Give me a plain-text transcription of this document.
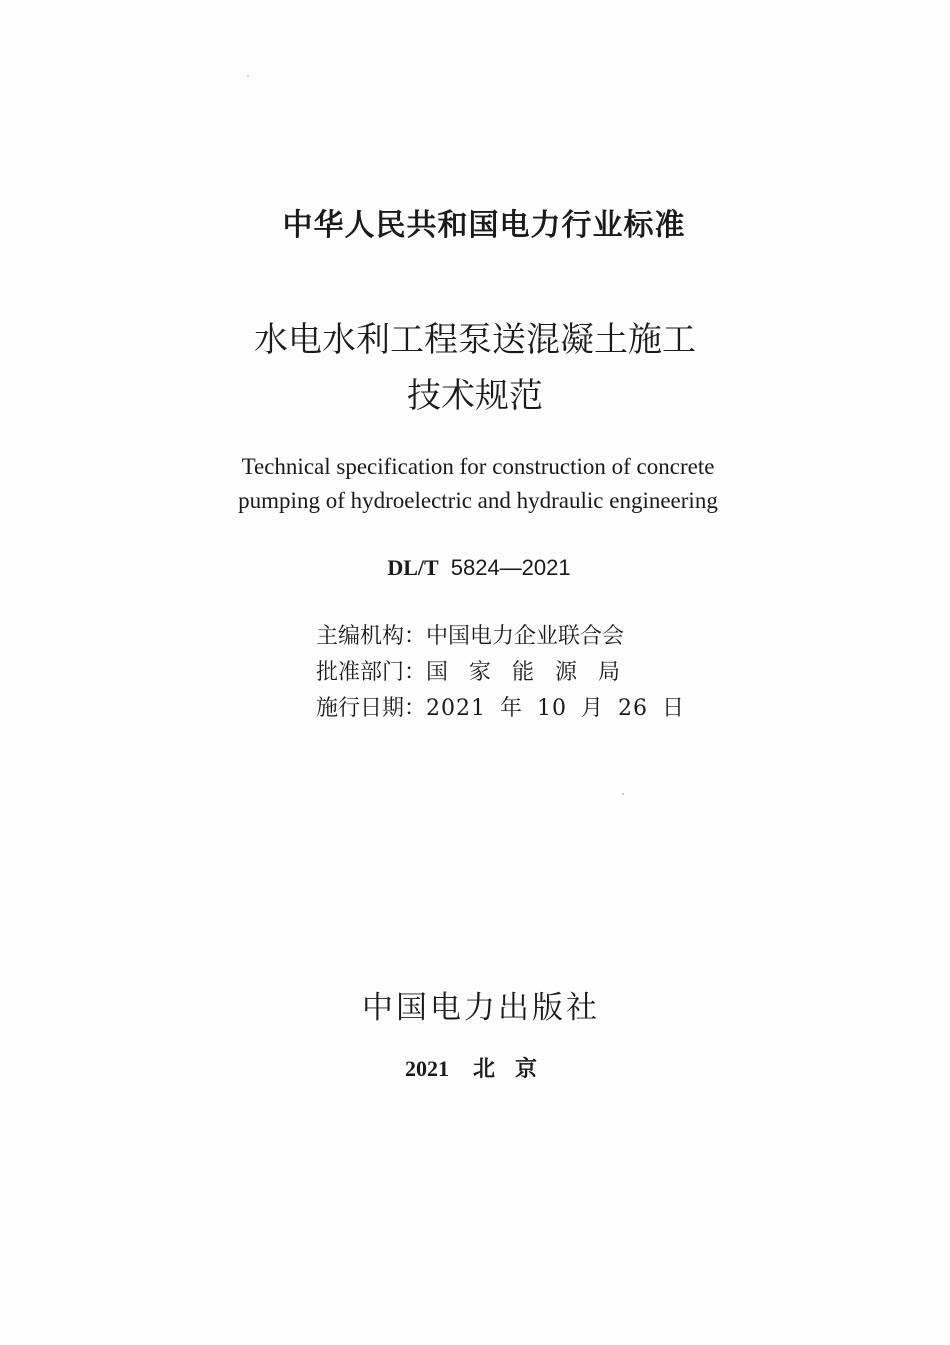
中华人民共和国电力行业标准
水电水利工程泵送混凝土施工
技术规范
Technical specification for construction of concrete
pumping of hydroelectric and hydraulic engineering
DL/T 5824—2021
主编机构： 中国电力企业联合会
批准部门： 国家能源局
施行日期： 2021 年 10 月 26 日
中国电力出版社
2021 北京
